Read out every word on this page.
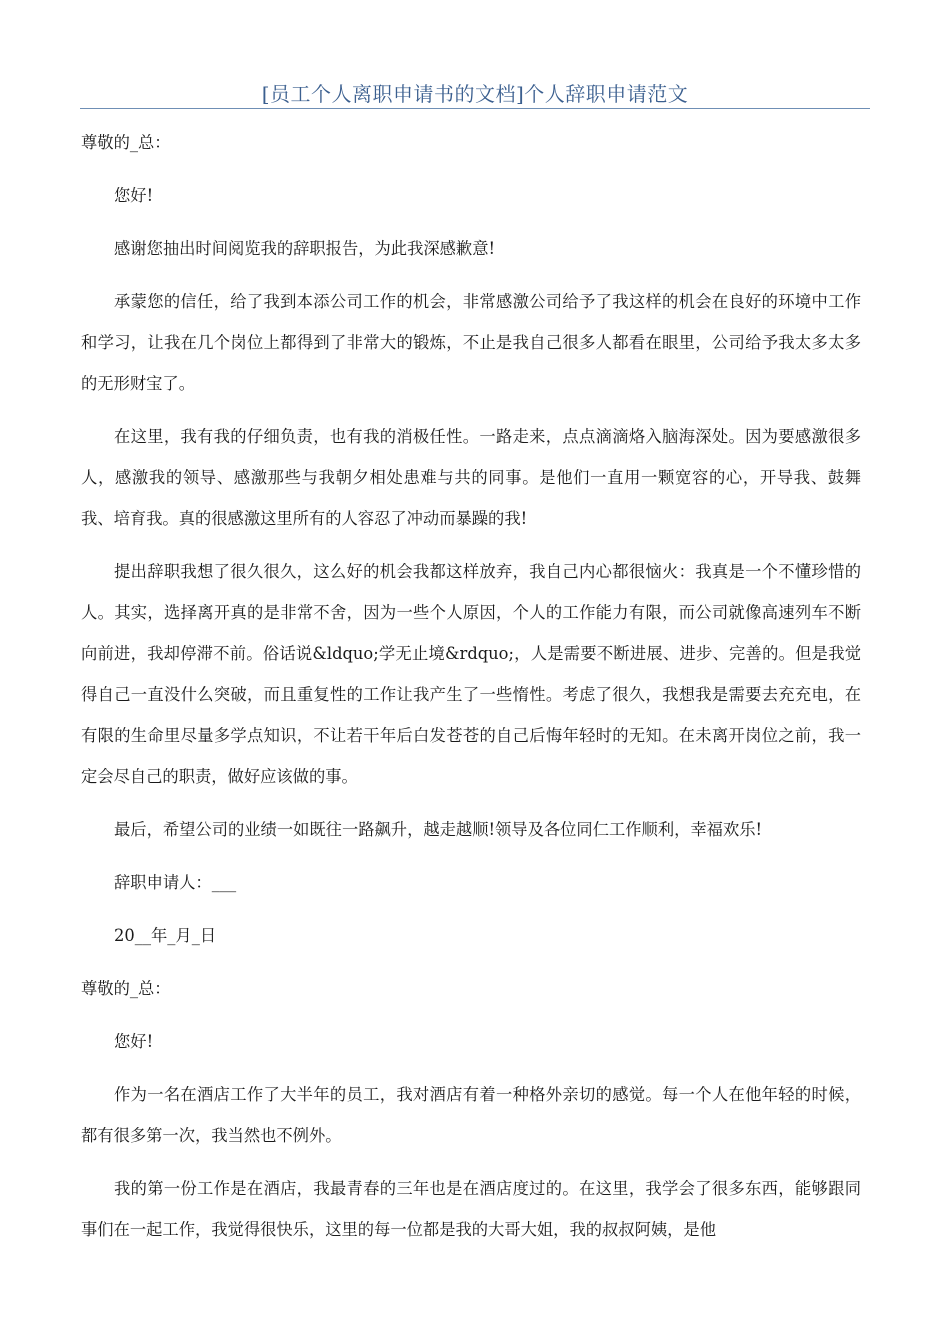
[员工个人离职申请书的文档]个人辞职申请范文

尊敬的_总：

您好!

感谢您抽出时间阅览我的辞职报告，为此我深感歉意!

承蒙您的信任，给了我到本添公司工作的机会，非常感激公司给予了我这样的机会在良好的环境中工作和学习，让我在几个岗位上都得到了非常大的锻炼，不止是我自己很多人都看在眼里，公司给予我太多太多的无形财宝了。

在这里，我有我的仔细负责，也有我的消极任性。一路走来，点点滴滴烙入脑海深处。因为要感激很多人，感激我的领导、感激那些与我朝夕相处患难与共的同事。是他们一直用一颗宽容的心，开导我、鼓舞我、培育我。真的很感激这里所有的人容忍了冲动而暴躁的我!

提出辞职我想了很久很久，这么好的机会我都这样放弃，我自己内心都很恼火：我真是一个不懂珍惜的人。其实，选择离开真的是非常不舍，因为一些个人原因，个人的工作能力有限，而公司就像高速列车不断向前进，我却停滞不前。俗话说&ldquo;学无止境&rdquo;，人是需要不断进展、进步、完善的。但是我觉得自己一直没什么突破，而且重复性的工作让我产生了一些惰性。考虑了很久，我想我是需要去充充电，在有限的生命里尽量多学点知识，不让若干年后白发苍苍的自己后悔年轻时的无知。在未离开岗位之前，我一定会尽自己的职责，做好应该做的事。

最后，希望公司的业绩一如既往一路飙升，越走越顺!领导及各位同仁工作顺利，幸福欢乐!

辞职申请人：___

20__年_月_日

尊敬的_总：

您好!

作为一名在酒店工作了大半年的员工，我对酒店有着一种格外亲切的感觉。每一个人在他年轻的时候，都有很多第一次，我当然也不例外。

我的第一份工作是在酒店，我最青春的三年也是在酒店度过的。在这里，我学会了很多东西，能够跟同事们在一起工作，我觉得很快乐，这里的每一位都是我的大哥大姐，我的叔叔阿姨，是他
